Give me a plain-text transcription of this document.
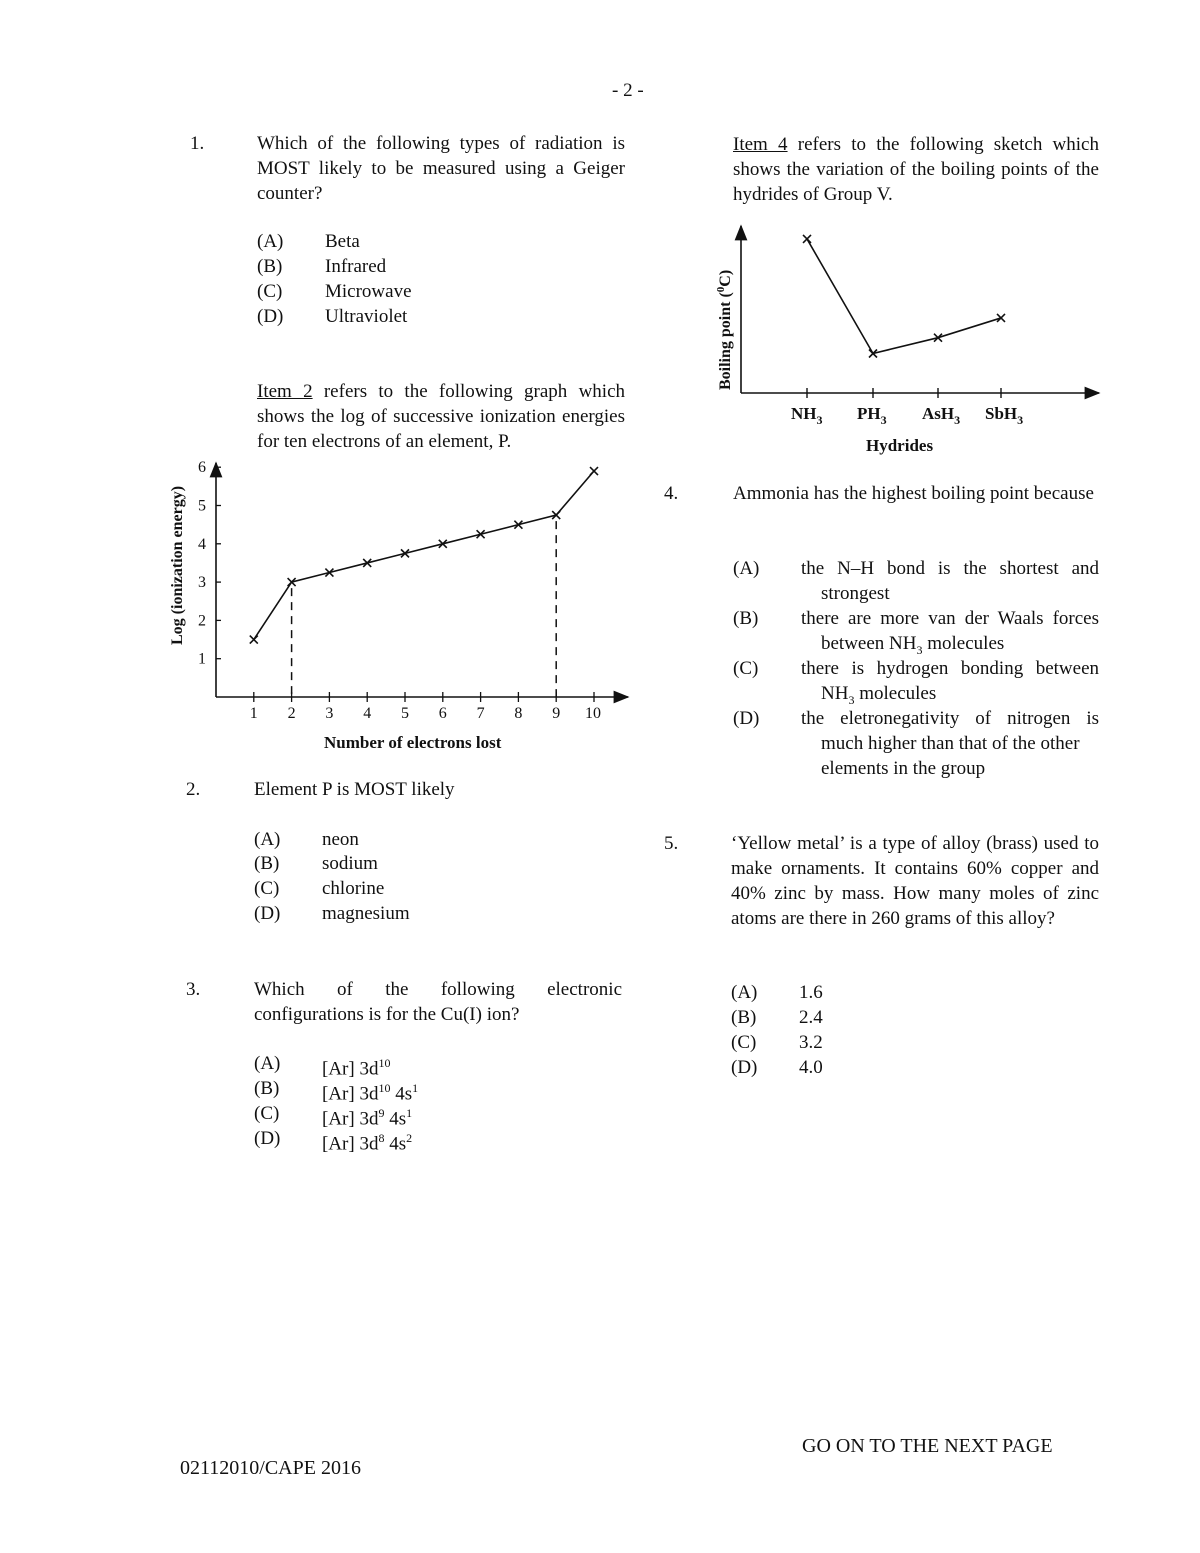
- 2 -
1.	Which of the following types of radiation is MOST likely to be measured using a Geiger counter?
(A) Beta
(B) Infrared
(C) Microwave
(D) Ultraviolet
Item 2 refers to the following graph which shows the log of successive ionization energies for ten electrons of an element, P.
Log (ionization energy)
Number of electrons lost
1
2
3
4
5
6
1 2 3 4 5 6 7 8 9 10
2.	Element P is MOST likely
(A) neon
(B) sodium
(C) chlorine
(D) magnesium
3.	Which of the following electronic configurations is for the Cu(I) ion?
(A) [Ar] $3d^{10}$
(B) [Ar] $3d^{10}$ $4s^1$
(C) [Ar] $3d^9$ $4s^1$
(D) [Ar] $3d^8$ $4s^2$
Item 4 refers to the following sketch which shows the variation of the boiling points of the hydrides of Group V.
Boiling point ($^0$C)
Hydrides
$NH_3$ $PH_3$ AsH$_3$ SbH$_3$
4.	Ammonia has the highest boiling point because
(A) the N–H bond is the shortest and
strongest
(B) there are more van der Waals forces
between $NH_3$ molecules
(C) there is hydrogen bonding between
$NH_3$ molecules
(D) the eletronegativity of nitrogen is
much higher than that of the other
elements in the group
5.	‘Yellow metal’ is a type of alloy (brass) used to make ornaments. It contains 60% copper and 40% zinc by mass. How many moles of zinc atoms are there in 260 grams of this alloy?
(A) 1.6
(B) 2.4
(C) 3.2
(D) 4.0
GO ON TO THE NEXT PAGE
02112010/CAPE 2016
